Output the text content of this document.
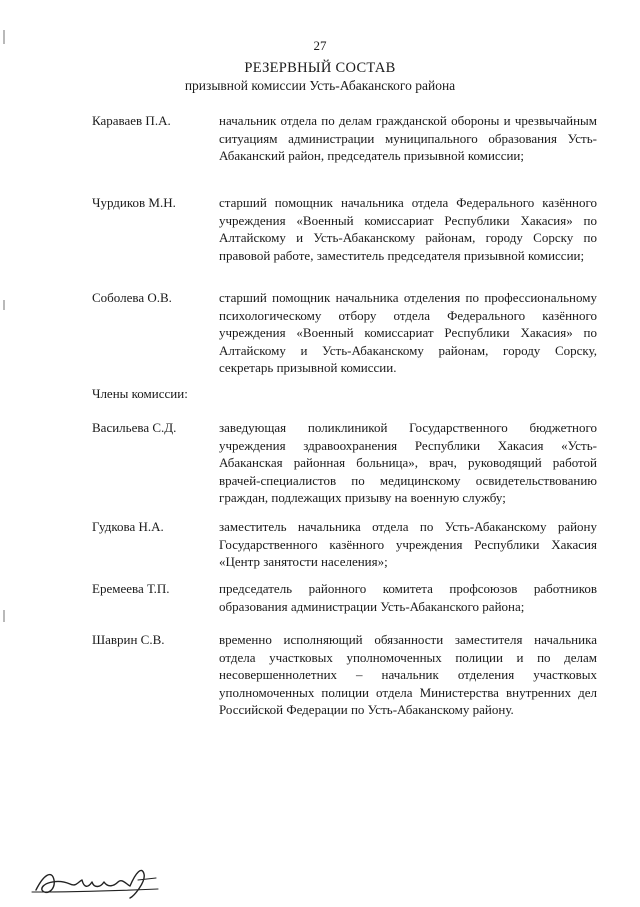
27
РЕЗЕРВНЫЙ СОСТАВ
призывной комиссии Усть-Абаканского района
Караваев П.А.	начальник отдела по делам гражданской обороны и чрезвычайным ситуациям администрации муниципального образования Усть-Абаканский район, председатель призывной комиссии;
Чурдиков М.Н.	старший помощник начальника отдела Федерального казённого учреждения «Военный комиссариат Республики Хакасия» по Алтайскому и Усть-Абаканскому районам, городу Сорску по правовой работе, заместитель председателя призывной комиссии;
Соболева О.В.	старший помощник начальника отделения по профессиональному психологическому отбору отдела Федерального казённого учреждения «Военный комиссариат Республики Хакасия» по Алтайскому и Усть-Абаканскому районам, городу Сорску, секретарь призывной комиссии.
Члены комиссии:
Васильева С.Д.	заведующая поликлиникой Государственного бюджетного учреждения здравоохранения Республики Хакасия «Усть-Абаканская районная больница», врач, руководящий работой врачей-специалистов по медицинскому освидетельствованию граждан, подлежащих призыву на военную службу;
Гудкова Н.А.	заместитель начальника отдела по Усть-Абаканскому району Государственного казённого учреждения Республики Хакасия «Центр занятости населения»;
Еремеева Т.П.	председатель районного комитета профсоюзов работников образования администрации Усть-Абаканского района;
Шаврин С.В.	временно исполняющий обязанности заместителя начальника отдела участковых уполномоченных полиции и по делам несовершеннолетних – начальник отделения участковых уполномоченных полиции отдела Министерства внутренних дел Российской Федерации по Усть-Абаканскому району.
